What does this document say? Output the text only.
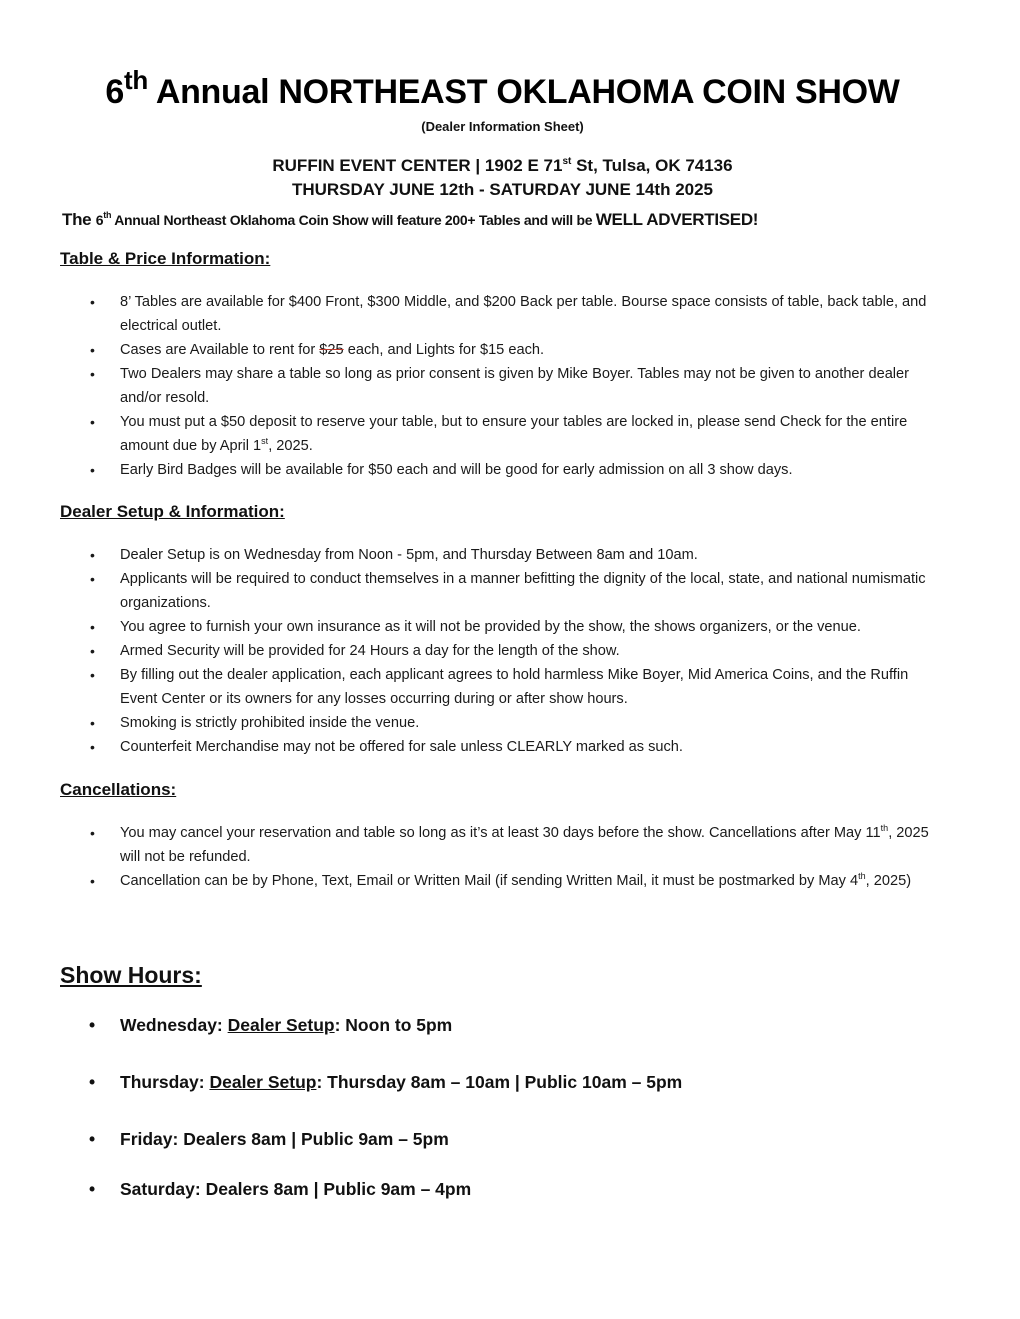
6th Annual NORTHEAST OKLAHOMA COIN SHOW
(Dealer Information Sheet)
RUFFIN EVENT CENTER | 1902 E 71st St, Tulsa, OK 74136
THURSDAY JUNE 12th - SATURDAY JUNE 14th 2025
The 6th Annual Northeast Oklahoma Coin Show will feature 200+ Tables and will be WELL ADVERTISED!
Table & Price Information:
• 8’ Tables are available for $400 Front, $300 Middle, and $200 Back per table. Bourse space consists of table, back table, and electrical outlet.
• Cases are Available to rent for $25 each, and Lights for $15 each.
• Two Dealers may share a table so long as prior consent is given by Mike Boyer. Tables may not be given to another dealer and/or resold.
• You must put a $50 deposit to reserve your table, but to ensure your tables are locked in, please send Check for the entire amount due by April 1st, 2025.
• Early Bird Badges will be available for $50 each and will be good for early admission on all 3 show days.
Dealer Setup & Information:
• Dealer Setup is on Wednesday from Noon - 5pm, and Thursday Between 8am and 10am.
• Applicants will be required to conduct themselves in a manner befitting the dignity of the local, state, and national numismatic organizations.
• You agree to furnish your own insurance as it will not be provided by the show, the shows organizers, or the venue.
• Armed Security will be provided for 24 Hours a day for the length of the show.
• By filling out the dealer application, each applicant agrees to hold harmless Mike Boyer, Mid America Coins, and the Ruffin Event Center or its owners for any losses occurring during or after show hours.
• Smoking is strictly prohibited inside the venue.
• Counterfeit Merchandise may not be offered for sale unless CLEARLY marked as such.
Cancellations:
• You may cancel your reservation and table so long as it’s at least 30 days before the show. Cancellations after May 11th, 2025 will not be refunded.
• Cancellation can be by Phone, Text, Email or Written Mail (if sending Written Mail, it must be postmarked by May 4th, 2025)
Show Hours:
• Wednesday: Dealer Setup: Noon to 5pm
• Thursday: Dealer Setup: Thursday 8am – 10am | Public 10am – 5pm
• Friday: Dealers 8am | Public 9am – 5pm
• Saturday: Dealers 8am | Public 9am – 4pm
